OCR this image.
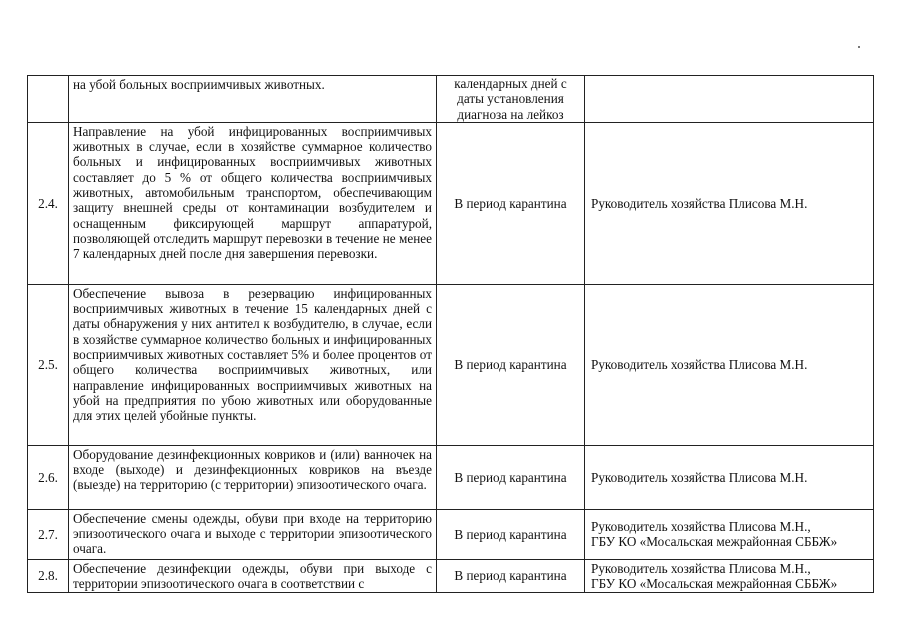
	на убой больных восприимчивых животных.	календарных дней с
даты установления
диагноза на лейкоз	

2.4.	Направление на убой инфицированных восприимчивых животных в случае, если в хозяйстве суммарное количество больных и инфицированных восприимчивых животных составляет до 5 % от общего количества восприимчивых животных, автомобильным транспортом, обеспечивающим защиту внешней среды от контаминации возбудителем и оснащенным фиксирующей маршрут аппаратурой, позволяющей отследить маршрут перевозки в течение не менее 7 календарных дней после дня завершения перевозки.	В период карантина	Руководитель хозяйства Плисова М.Н.

2.5.	Обеспечение вывоза в резервацию инфицированных восприимчивых животных в течение 15 календарных дней с даты обнаружения у них антител к возбудителю, в случае, если в хозяйстве суммарное количество больных и инфицированных восприимчивых животных составляет 5% и более процентов от общего количества восприимчивых животных, или направление инфицированных восприимчивых животных на убой на предприятия по убою животных или оборудованные для этих целей убойные пункты.	В период карантина	Руководитель хозяйства Плисова М.Н.

2.6.	Оборудование дезинфекционных ковриков и (или) ванночек на входе (выходе) и дезинфекционных ковриков на въезде (выезде) на территорию (с территории) эпизоотического очага.	В период карантина	Руководитель хозяйства Плисова М.Н.

2.7.	Обеспечение смены одежды, обуви при входе на территорию эпизоотического очага и выходе с территории эпизоотического очага.	В период карантина	Руководитель хозяйства Плисова М.Н.,
ГБУ КО «Мосальская межрайонная СББЖ»

2.8.	Обеспечение дезинфекции одежды, обуви при выходе с территории эпизоотического очага в соответствии с	В период карантина	Руководитель хозяйства Плисова М.Н.,
ГБУ КО «Мосальская межрайонная СББЖ»
